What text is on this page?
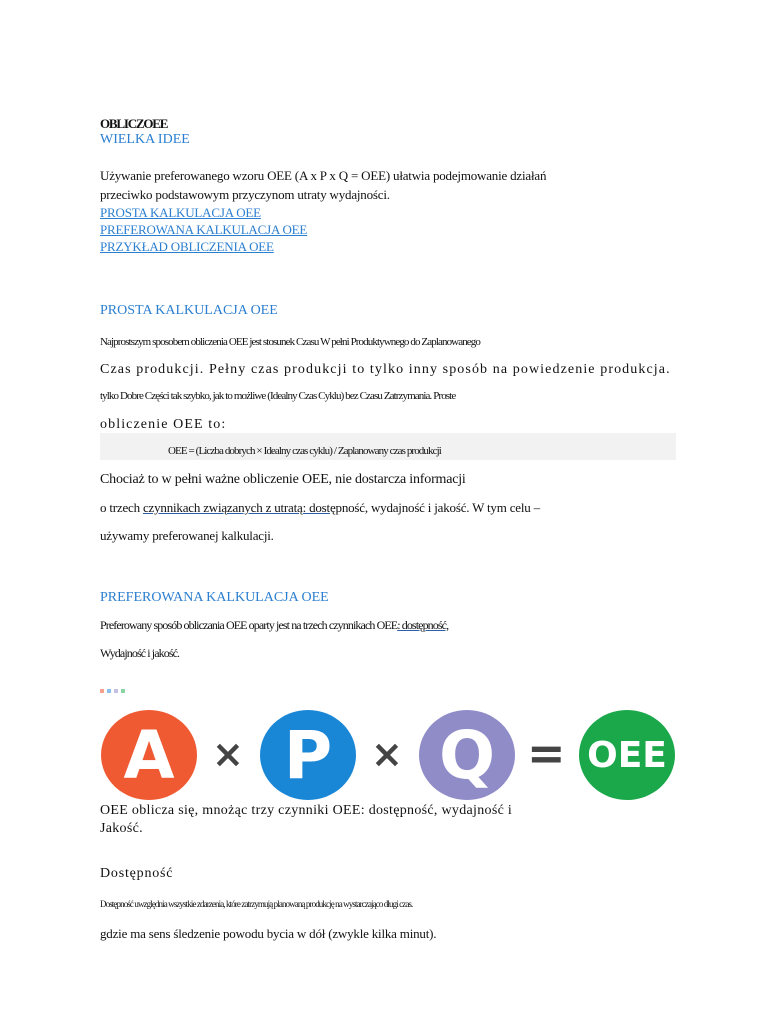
OBLICZOEE
WIELKA IDEE
Używanie preferowanego wzoru OEE (A x P x Q = OEE) ułatwia podejmowanie działań
przeciwko podstawowym przyczynom utraty wydajności.
PROSTA KALKULACJA OEE
PREFEROWANA KALKULACJA OEE
PRZYKŁAD OBLICZENIA OEE
PROSTA KALKULACJA OEE
Najprostszym sposobem obliczenia OEE jest stosunek Czasu W pełni Produktywnego do Zaplanowanego
Czas produkcji. Pełny czas produkcji to tylko inny sposób na powiedzenie produkcja.
tylko Dobre Części tak szybko, jak to możliwe (Idealny Czas Cyklu) bez Czasu Zatrzymania. Proste
obliczenie OEE to:
OEE = (Liczba dobrych × Idealny czas cyklu) / Zaplanowany czas produkcji
Chociaż to w pełni ważne obliczenie OEE, nie dostarcza informacji
o trzech czynnikach związanych z utratą: dostępność, wydajność i jakość. W tym celu –
używamy preferowanej kalkulacji.
PREFEROWANA KALKULACJA OEE
Preferowany sposób obliczania OEE oparty jest na trzech czynnikach OEE: dostępność,
Wydajność i jakość.
A × P	× Q = OEE
OEE oblicza się, mnożąc trzy czynniki OEE: dostępność, wydajność i
Jakość.
Dostępność
Dostępność uwzględnia wszystkie zdarzenia, które zatrzymują planowaną produkcję na wystarczająco długi czas.
gdzie ma sens śledzenie powodu bycia w dół (zwykle kilka minut).
